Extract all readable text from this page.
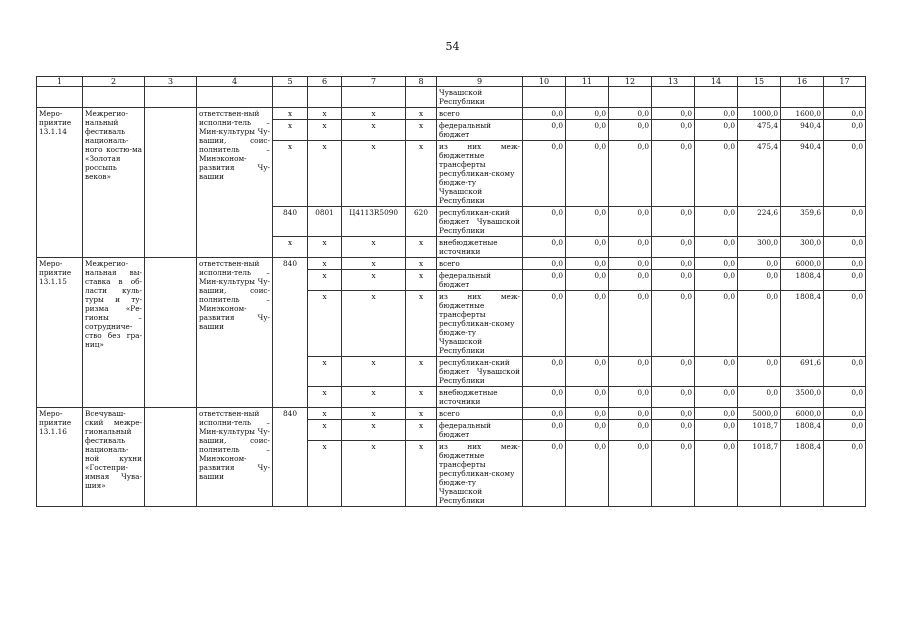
54
1	2	3	4	5	6	7	8	9	10	11	12	13	14	15	16	17
								Чувашской Республики								
Меро-приятие 13.1.14	Межрегио-нальный фестиваль националь-ного костю-ма «Золотая россыпь веков»		ответствен-ный исполни-тель – Мин-культуры Чу-вашии, соис-полнитель – Минэконом-развития Чу-вашии	x	x	x	x	всего	0,0	0,0	0,0	0,0	0,0	1000,0	1600,0	0,0
				x	x	x	x	федеральный бюджет	0,0	0,0	0,0	0,0	0,0	475,4	940,4	0,0
				x	x	x	x	из них меж-бюджетные трансферты республикан-скому бюдже-ту Чувашской Республики	0,0	0,0	0,0	0,0	0,0	475,4	940,4	0,0
				840	0801	Ц4113R5090	620	республикан-ский бюджет Чувашской Республики	0,0	0,0	0,0	0,0	0,0	224,6	359,6	0,0
				x	x	x	x	внебюджетные источники	0,0	0,0	0,0	0,0	0,0	300,0	300,0	0,0
Меро-приятие 13.1.15	Межрегио-нальная вы-ставка в об-ласти куль-туры и ту-ризма «Ре-гионы – сотрудниче-ство без гра-ниц»		ответствен-ный исполни-тель – Мин-культуры Чу-вашии, соис-полнитель – Минэконом-развития Чу-вашии	840	x	x	x	всего	0,0	0,0	0,0	0,0	0,0	0,0	6000,0	0,0
					x	x	x	федеральный бюджет	0,0	0,0	0,0	0,0	0,0	0,0	1808,4	0,0
					x	x	x	из них меж-бюджетные трансферты республикан-скому бюдже-ту Чувашской Республики	0,0	0,0	0,0	0,0	0,0	0,0	1808,4	0,0
					x	x	x	республикан-ский бюджет Чувашской Республики	0,0	0,0	0,0	0,0	0,0	0,0	691,6	0,0
					x	x	x	внебюджетные источники	0,0	0,0	0,0	0,0	0,0	0,0	3500,0	0,0
Меро-приятие 13.1.16	Всечуваш-ский межре-гиональный фестиваль националь-ной кухни «Гостепри-имная Чува-шия»		ответствен-ный исполни-тель – Мин-культуры Чу-вашии, соис-полнитель – Минэконом-развития Чу-вашии	840	x	x	x	всего	0,0	0,0	0,0	0,0	0,0	5000,0	6000,0	0,0
					x	x	x	федеральный бюджет	0,0	0,0	0,0	0,0	0,0	1018,7	1808,4	0,0
					x	x	x	из них меж-бюджетные трансферты республикан-скому бюдже-ту Чувашской Республики	0,0	0,0	0,0	0,0	0,0	1018,7	1808,4	0,0
